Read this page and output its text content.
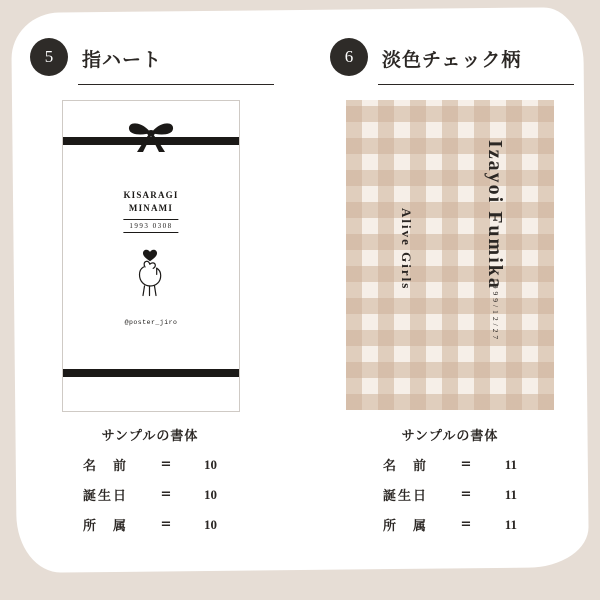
5	指ハート
KISARAGI
MINAMI
1993 0308
@poster_jiro
サンプルの書体
名　前	=	10
誕生日	=	10
所　属	=	10
6	淡色チェック柄
Izayoi Fumika
1999/12/27
Alive Girls
サンプルの書体
名　前	=	11
誕生日	=	11
所　属	=	11
